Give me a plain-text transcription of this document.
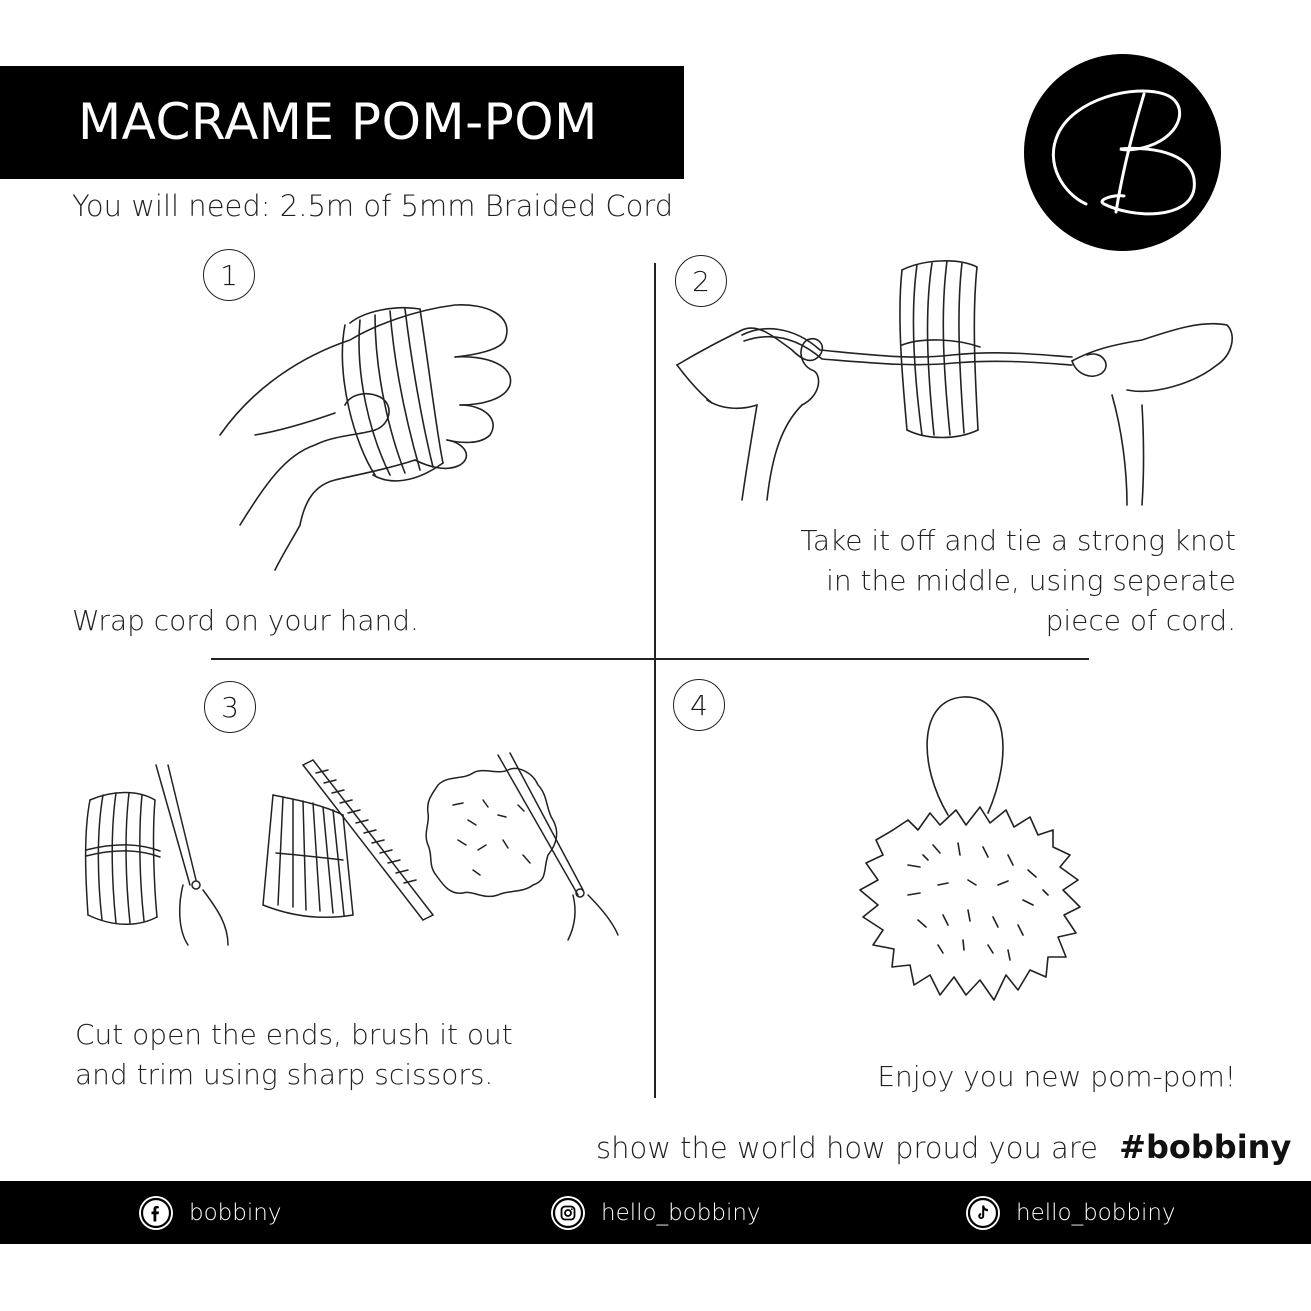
MACRAME POM-POM
You will need: 2.5m of 5mm Braided Cord
1	2
3	4
Wrap cord on your hand.
Take it off and tie a strong knot
in the middle, using seperate
piece of cord.
Cut open the ends, brush it out
and trim using sharp scissors.	Enjoy you new pom-pom!
show the world how proud you are #bobbiny
bobbiny	hello_bobbiny	hello_bobbiny
